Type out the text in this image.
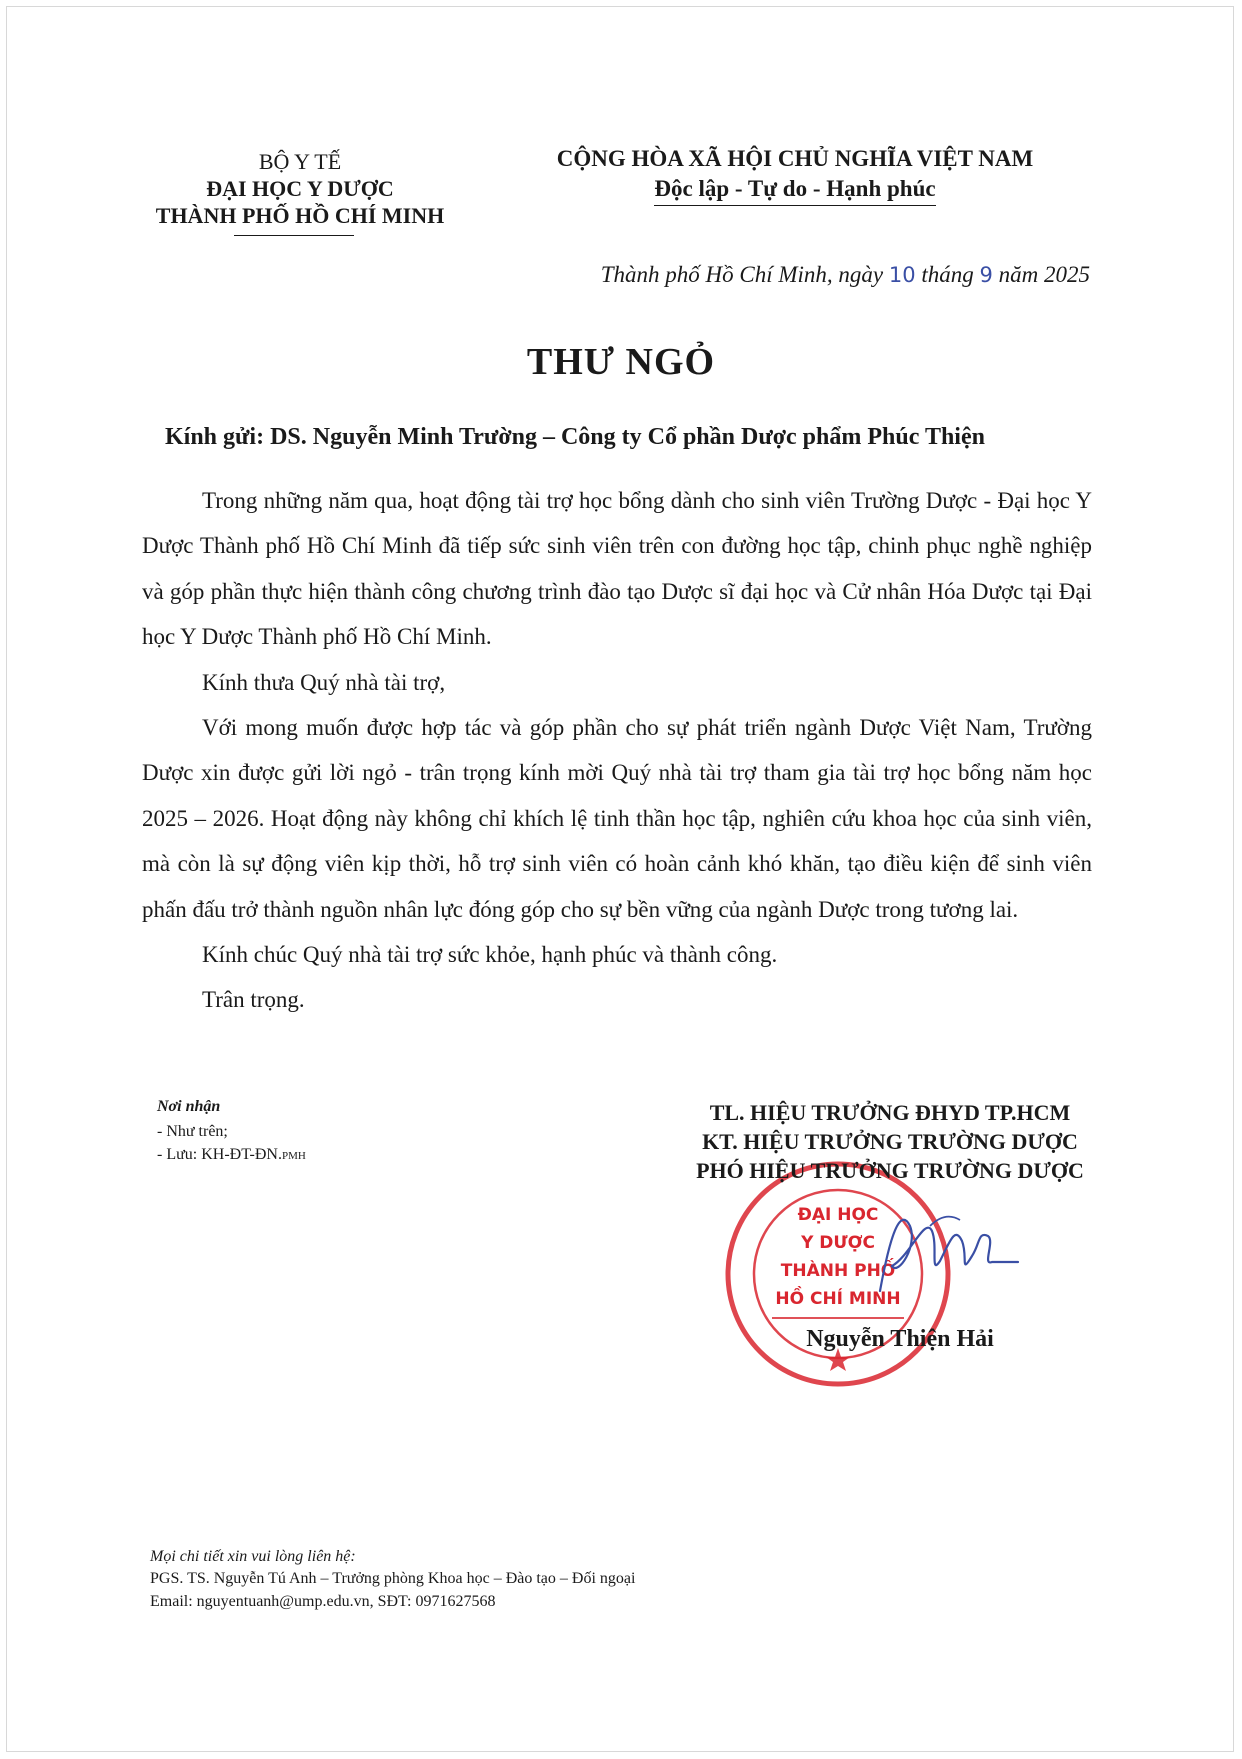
BỘ Y TẾ
ĐẠI HỌC Y DƯỢC
THÀNH PHỐ HỒ CHÍ MINH
CỘNG HÒA XÃ HỘI CHỦ NGHĨA VIỆT NAM
Độc lập - Tự do - Hạnh phúc
Thành phố Hồ Chí Minh, ngày 10 tháng 9 năm 2025
THƯ NGỎ
Kính gửi: DS. Nguyễn Minh Trường – Công ty Cổ phần Dược phẩm Phúc Thiện

Trong những năm qua, hoạt động tài trợ học bổng dành cho sinh viên Trường Dược - Đại học Y Dược Thành phố Hồ Chí Minh đã tiếp sức sinh viên trên con đường học tập, chinh phục nghề nghiệp và góp phần thực hiện thành công chương trình đào tạo Dược sĩ đại học và Cử nhân Hóa Dược tại Đại học Y Dược Thành phố Hồ Chí Minh.

Kính thưa Quý nhà tài trợ,

Với mong muốn được hợp tác và góp phần cho sự phát triển ngành Dược Việt Nam, Trường Dược xin được gửi lời ngỏ - trân trọng kính mời Quý nhà tài trợ tham gia tài trợ học bổng năm học 2025 – 2026. Hoạt động này không chỉ khích lệ tinh thần học tập, nghiên cứu khoa học của sinh viên, mà còn là sự động viên kịp thời, hỗ trợ sinh viên có hoàn cảnh khó khăn, tạo điều kiện để sinh viên phấn đấu trở thành nguồn nhân lực đóng góp cho sự bền vững của ngành Dược trong tương lai.

Kính chúc Quý nhà tài trợ sức khỏe, hạnh phúc và thành công.

Trân trọng.

Nơi nhận
- Như trên;
- Lưu: KH-ĐT-ĐN.PMH
ĐẠI HỌC
Y DƯỢC
THÀNH PHỐ
HỒ CHÍ MINH
TL. HIỆU TRƯỞNG ĐHYD TP.HCM
KT. HIỆU TRƯỞNG TRƯỜNG DƯỢC
PHÓ HIỆU TRƯỞNG TRƯỜNG DƯỢC
Nguyễn Thiện Hải
Mọi chi tiết xin vui lòng liên hệ:
PGS. TS. Nguyễn Tú Anh – Trưởng phòng Khoa học – Đào tạo – Đối ngoại
Email: nguyentuanh@ump.edu.vn, SĐT: 0971627568
